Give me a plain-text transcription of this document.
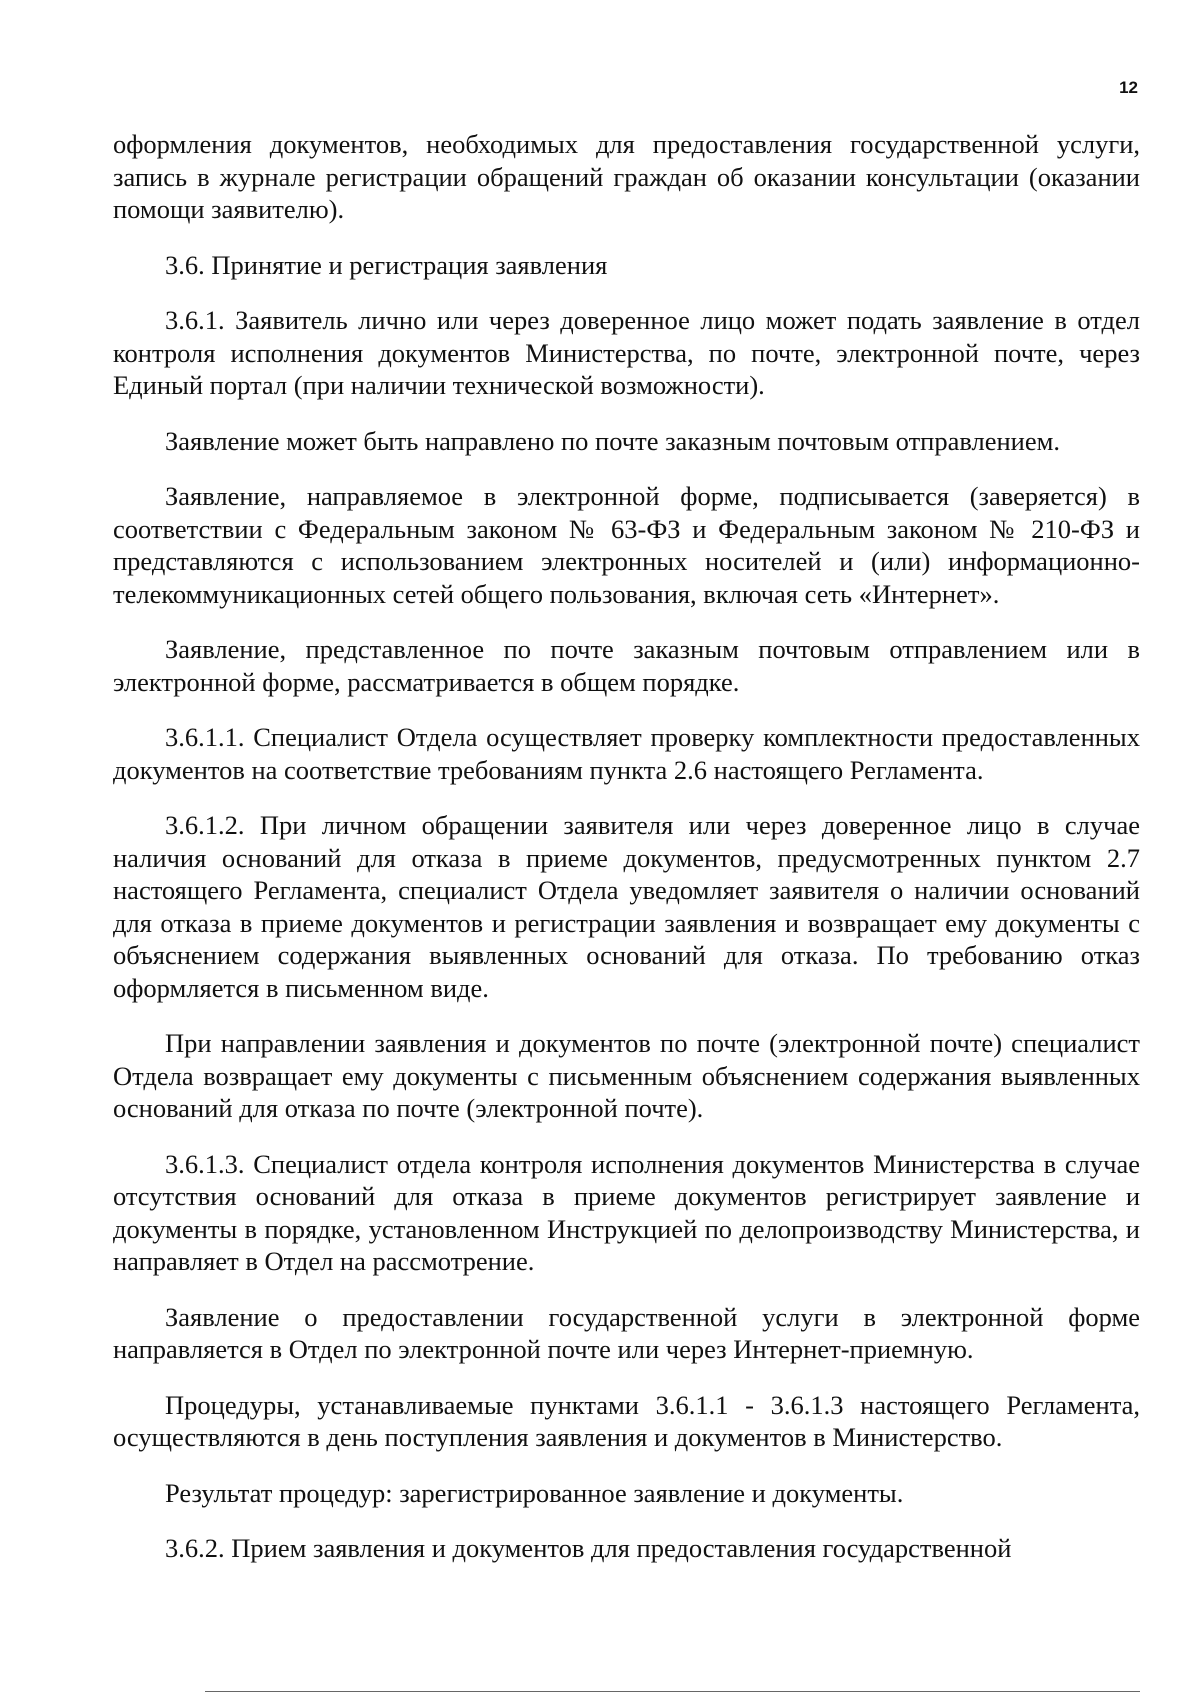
12

оформления документов, необходимых для предоставления государственной услуги, запись в журнале регистрации обращений граждан об оказании консультации (оказании помощи заявителю).

3.6. Принятие и регистрация заявления

3.6.1. Заявитель лично или через доверенное лицо может подать заявление в отдел контроля исполнения документов Министерства, по почте, электронной почте, через Единый портал (при наличии технической возможности).

Заявление может быть направлено по почте заказным почтовым отправлением.

Заявление, направляемое в электронной форме, подписывается (заверяется) в соответствии с Федеральным законом № 63-ФЗ и Федеральным законом № 210-ФЗ и представляются с использованием электронных носителей и (или) информационно-телекоммуникационных сетей общего пользования, включая сеть «Интернет».

Заявление, представленное по почте заказным почтовым отправлением или в электронной форме, рассматривается в общем порядке.

3.6.1.1. Специалист Отдела осуществляет проверку комплектности предоставленных документов на соответствие требованиям пункта 2.6 настоящего Регламента.

3.6.1.2. При личном обращении заявителя или через доверенное лицо в случае наличия оснований для отказа в приеме документов, предусмотренных пунктом 2.7 настоящего Регламента, специалист Отдела уведомляет заявителя о наличии оснований для отказа в приеме документов и регистрации заявления и возвращает ему документы с объяснением содержания выявленных оснований для отказа. По требованию отказ оформляется в письменном виде.

При направлении заявления и документов по почте (электронной почте) специалист Отдела возвращает ему документы с письменным объяснением содержания выявленных оснований для отказа по почте (электронной почте).

3.6.1.3. Специалист отдела контроля исполнения документов Министерства в случае отсутствия оснований для отказа в приеме документов регистрирует заявление и документы в порядке, установленном Инструкцией по делопроизводству Министерства, и направляет в Отдел на рассмотрение.

Заявление о предоставлении государственной услуги в электронной форме направляется в Отдел по электронной почте или через Интернет-приемную.

Процедуры, устанавливаемые пунктами 3.6.1.1 - 3.6.1.3 настоящего Регламента, осуществляются в день поступления заявления и документов в Министерство.

Результат процедур: зарегистрированное заявление и документы.

3.6.2. Прием заявления и документов для предоставления государственной
